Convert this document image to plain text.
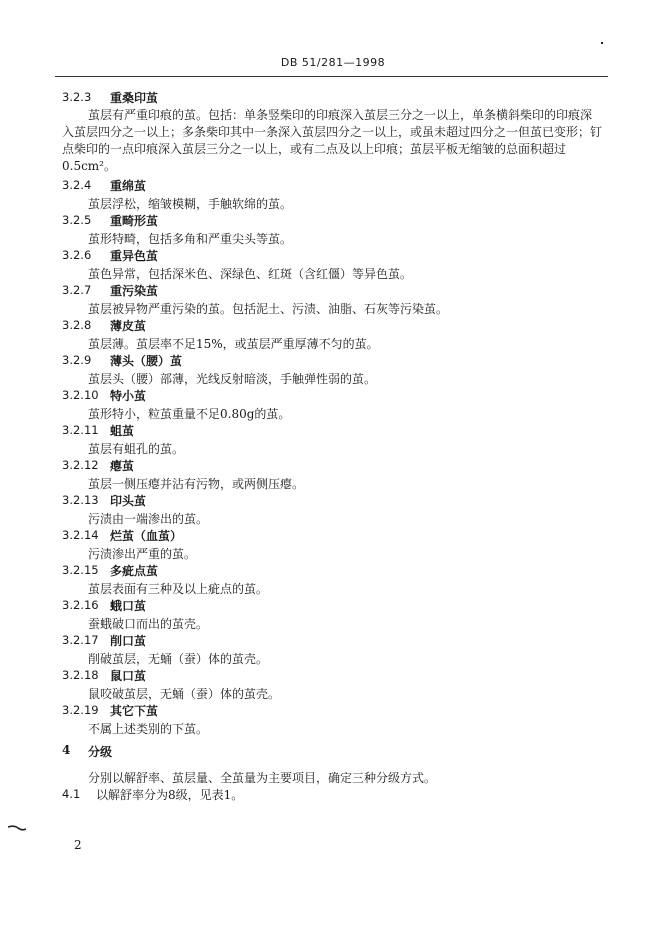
DB 51/281—1998
3.2.3 重桑印茧
茧层有严重印痕的茧。包括：单条竖柴印的印痕深入茧层三分之一以上，单条横斜柴印的印痕深
入茧层四分之一以上；多条柴印其中一条深入茧层四分之一以上，或虽未超过四分之一但茧已变形；钉
点柴印的一点印痕深入茧层三分之一以上，或有二点及以上印痕；茧层平板无缩皱的总面积超过
0.5cm²。
3.2.4 重绵茧
茧层浮松，缩皱模糊，手触软绵的茧。
3.2.5 重畸形茧
茧形特畸，包括多角和严重尖头等茧。
3.2.6 重异色茧
茧色异常，包括深米色、深绿色、红斑（含红僵）等异色茧。
3.2.7 重污染茧
茧层被异物严重污染的茧。包括泥土、污渍、油脂、石灰等污染茧。
3.2.8 薄皮茧
茧层薄。茧层率不足15%，或茧层严重厚薄不匀的茧。
3.2.9 薄头（腰）茧
茧层头（腰）部薄，光线反射暗淡，手触弹性弱的茧。
3.2.10 特小茧
茧形特小，粒茧重量不足0.80g的茧。
3.2.11 蛆茧
茧层有蛆孔的茧。
3.2.12 瘪茧
茧层一侧压瘪并沾有污物，或两侧压瘪。
3.2.13 印头茧
污渍由一端渗出的茧。
3.2.14 烂茧（血茧）
污渍渗出严重的茧。
3.2.15 多疵点茧
茧层表面有三种及以上疵点的茧。
3.2.16 蛾口茧
蚕蛾破口而出的茧壳。
3.2.17 削口茧
削破茧层，无蛹（蚕）体的茧壳。
3.2.18 鼠口茧
鼠咬破茧层，无蛹（蚕）体的茧壳。
3.2.19 其它下茧
不属上述类别的下茧。
4 分级
分别以解舒率、茧层量、全茧量为主要项目，确定三种分级方式。
4.1 以解舒率分为8级，见表1。
2
